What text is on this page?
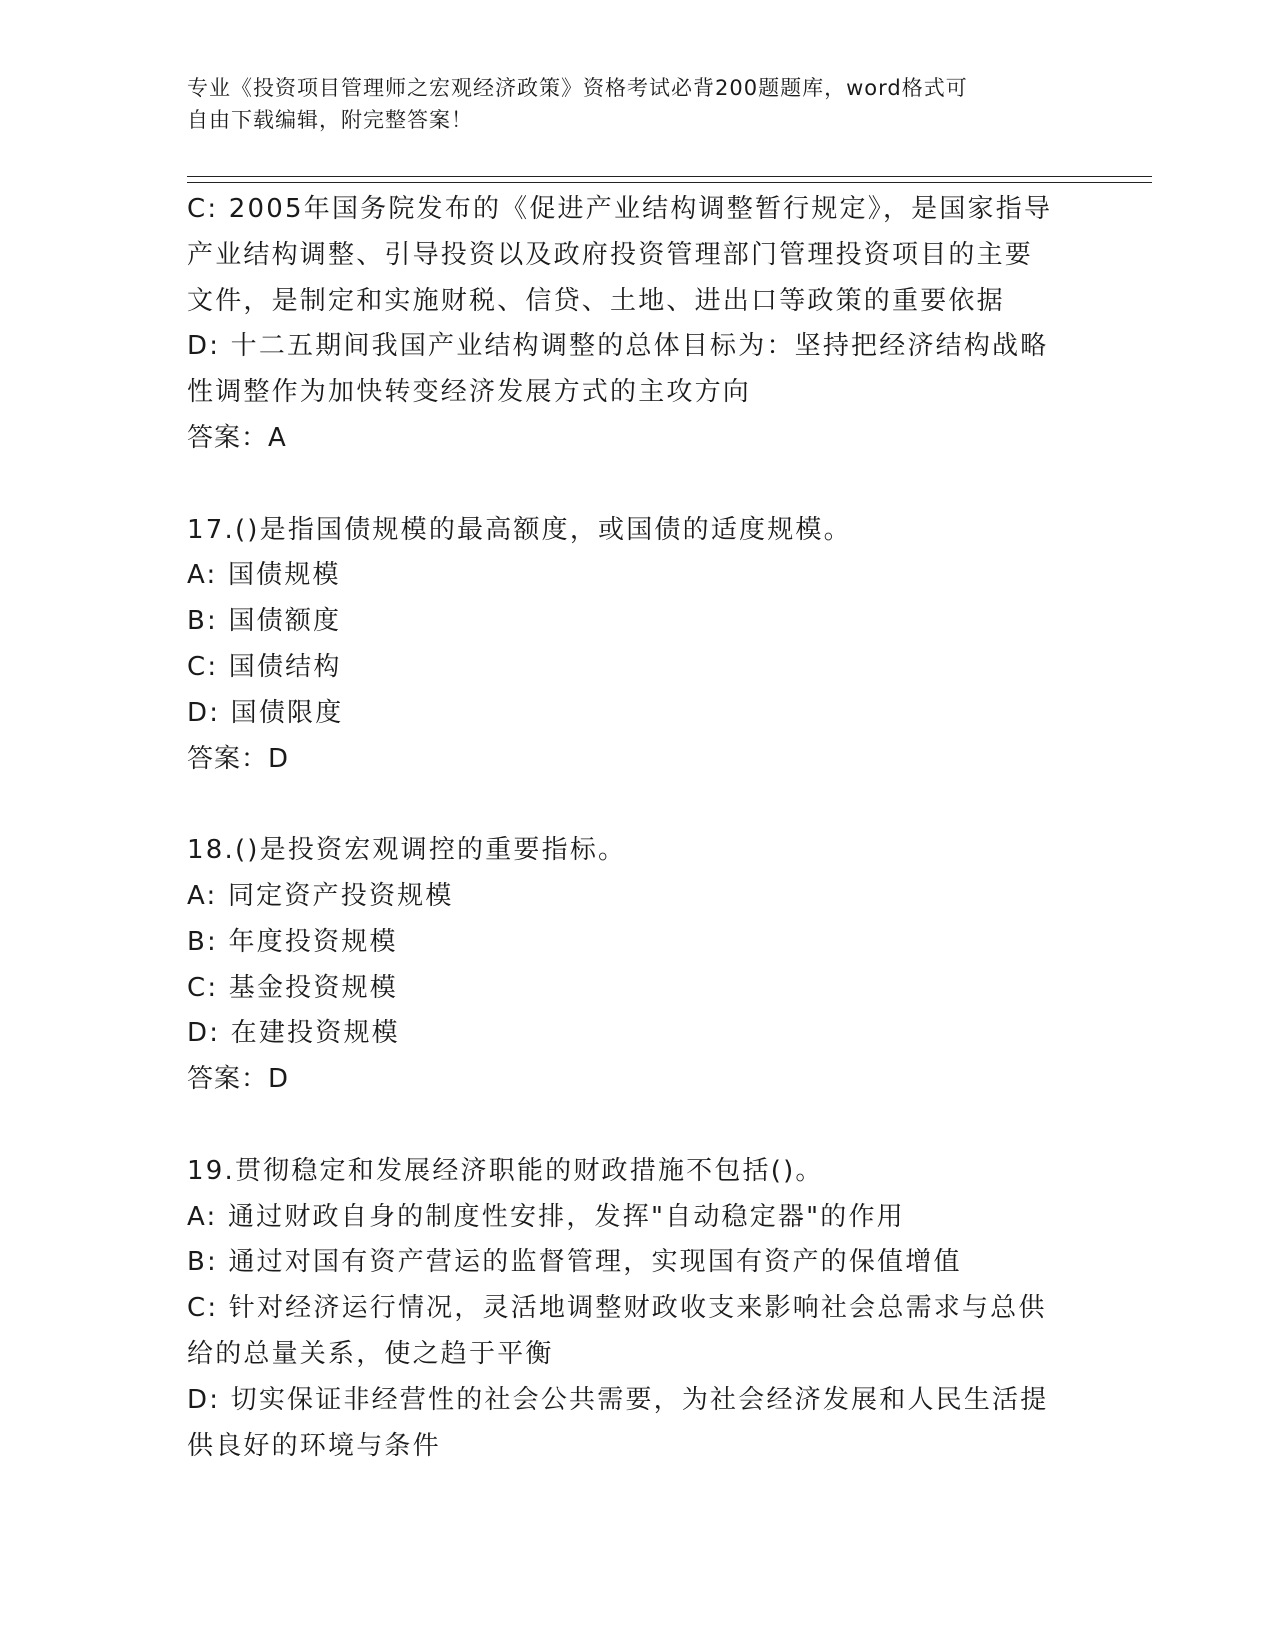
专业《投资项目管理师之宏观经济政策》资格考试必背200题题库，word格式可
自由下载编辑，附完整答案！
C: 2005年国务院发布的《促进产业结构调整暂行规定》，是国家指导
产业结构调整、引导投资以及政府投资管理部门管理投资项目的主要
文件，是制定和实施财税、信贷、土地、进出口等政策的重要依据
D: 十二五期间我国产业结构调整的总体目标为：坚持把经济结构战略
性调整作为加快转变经济发展方式的主攻方向
答案：A
17.()是指国债规模的最高额度，或国债的适度规模。
A: 国债规模
B: 国债额度
C: 国债结构
D: 国债限度
答案：D
18.()是投资宏观调控的重要指标。
A: 同定资产投资规模
B: 年度投资规模
C: 基金投资规模
D: 在建投资规模
答案：D
19.贯彻稳定和发展经济职能的财政措施不包括()。
A: 通过财政自身的制度性安排，发挥"自动稳定器"的作用
B: 通过对国有资产营运的监督管理，实现国有资产的保值增值
C: 针对经济运行情况，灵活地调整财政收支来影响社会总需求与总供
给的总量关系，使之趋于平衡
D: 切实保证非经营性的社会公共需要，为社会经济发展和人民生活提
供良好的环境与条件
